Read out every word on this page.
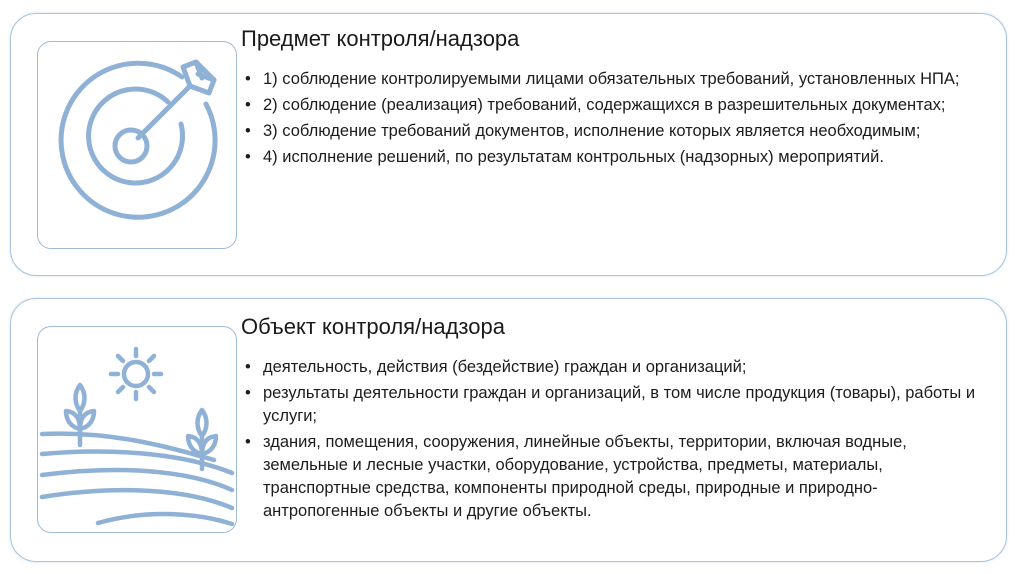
Предмет контроля/надзора
• 1) соблюдение контролируемыми лицами обязательных требований, установленных НПА;
• 2) соблюдение (реализация) требований, содержащихся в разрешительных документах;
• 3) соблюдение требований документов, исполнение которых является необходимым;
• 4) исполнение решений, по результатам контрольных (надзорных) мероприятий.
Объект контроля/надзора
• деятельность, действия (бездействие) граждан и организаций;
• результаты деятельности граждан и организаций, в том числе продукция (товары), работы и услуги;
• здания, помещения, сооружения, линейные объекты, территории, включая водные, земельные и лесные участки, оборудование, устройства, предметы, материалы, транспортные средства, компоненты природной среды, природные и природно-антропогенные объекты и другие объекты.
